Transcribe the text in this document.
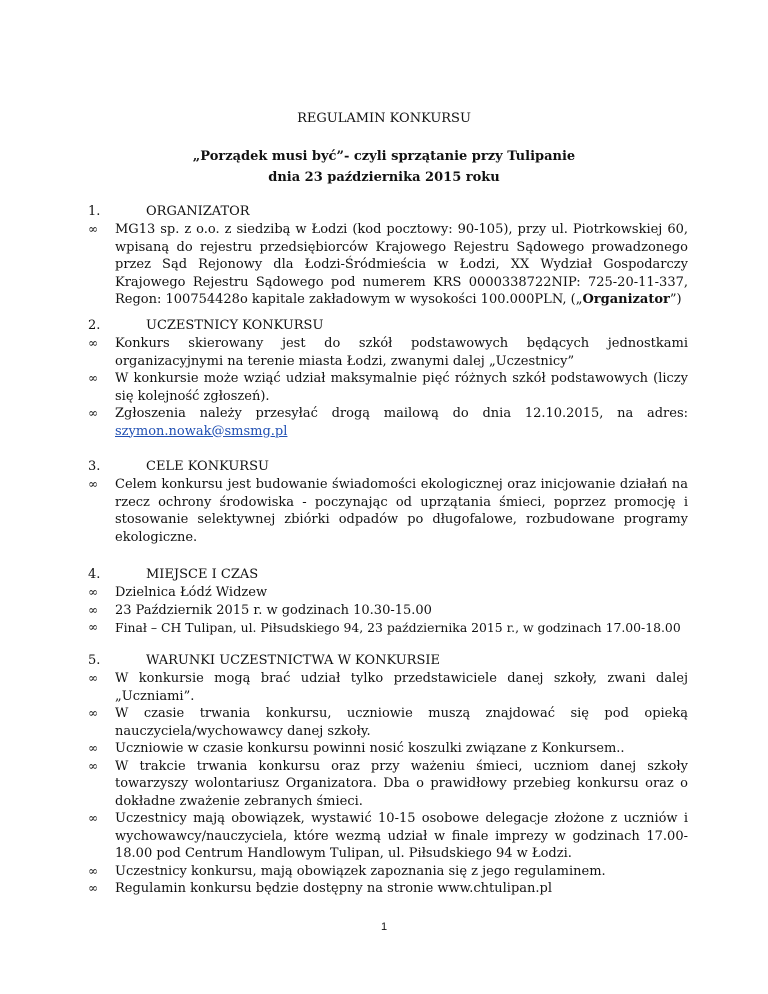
REGULAMIN KONKURSU
„Porządek musi być”- czyli sprzątanie przy Tulipanie
dnia 23 października 2015 roku
1.	ORGANIZATOR
∞ MG13 sp. z o.o. z siedzibą w Łodzi (kod pocztowy: 90-105), przy ul. Piotrkowskiej 60, wpisaną do rejestru przedsiębiorców Krajowego Rejestru Sądowego prowadzonego przez Sąd Rejonowy dla Łodzi-Śródmieścia w Łodzi, XX Wydział Gospodarczy Krajowego Rejestru Sądowego pod numerem KRS 0000338722NIP: 725-20-11-337, Regon: 100754428o kapitale zakładowym w wysokości 100.000PLN, („Organizator”)
2.	UCZESTNICY KONKURSU
∞ Konkurs skierowany jest do szkół podstawowych będących jednostkami organizacyjnymi na terenie miasta Łodzi, zwanymi dalej „Uczestnicy”
∞ W konkursie może wziąć udział maksymalnie pięć różnych szkół podstawowych (liczy się kolejność zgłoszeń).
∞ Zgłoszenia należy przesyłać drogą mailową do dnia 12.10.2015, na adres: szymon.nowak@smsmg.pl
3.	CELE KONKURSU
∞ Celem konkursu jest budowanie świadomości ekologicznej oraz inicjowanie działań na rzecz ochrony środowiska - poczynając od uprzątania śmieci, poprzez promocję i stosowanie selektywnej zbiórki odpadów po długofalowe, rozbudowane programy ekologiczne.
4.	MIEJSCE I CZAS
∞ Dzielnica Łódź Widzew
∞ 23 Październik 2015 r. w godzinach 10.30-15.00
∞ Finał – CH Tulipan, ul. Piłsudskiego 94, 23 października 2015 r., w godzinach 17.00-18.00
5.	WARUNKI UCZESTNICTWA W KONKURSIE
∞ W konkursie mogą brać udział tylko przedstawiciele danej szkoły, zwani dalej „Uczniami”.
∞ W czasie trwania konkursu, uczniowie muszą znajdować się pod opieką nauczyciela/wychowawcy danej szkoły.
∞ Uczniowie w czasie konkursu powinni nosić koszulki związane z Konkursem..
∞ W trakcie trwania konkursu oraz przy ważeniu śmieci, uczniom danej szkoły towarzyszy wolontariusz Organizatora. Dba o prawidłowy przebieg konkursu oraz o dokładne zważenie zebranych śmieci.
∞ Uczestnicy mają obowiązek, wystawić 10-15 osobowe delegacje złożone z uczniów i wychowawcy/nauczyciela, które wezmą udział w finale imprezy w godzinach 17.00-18.00 pod Centrum Handlowym Tulipan, ul. Piłsudskiego 94 w Łodzi.
∞ Uczestnicy konkursu, mają obowiązek zapoznania się z jego regulaminem.
∞ Regulamin konkursu będzie dostępny na stronie www.chtulipan.pl
1
